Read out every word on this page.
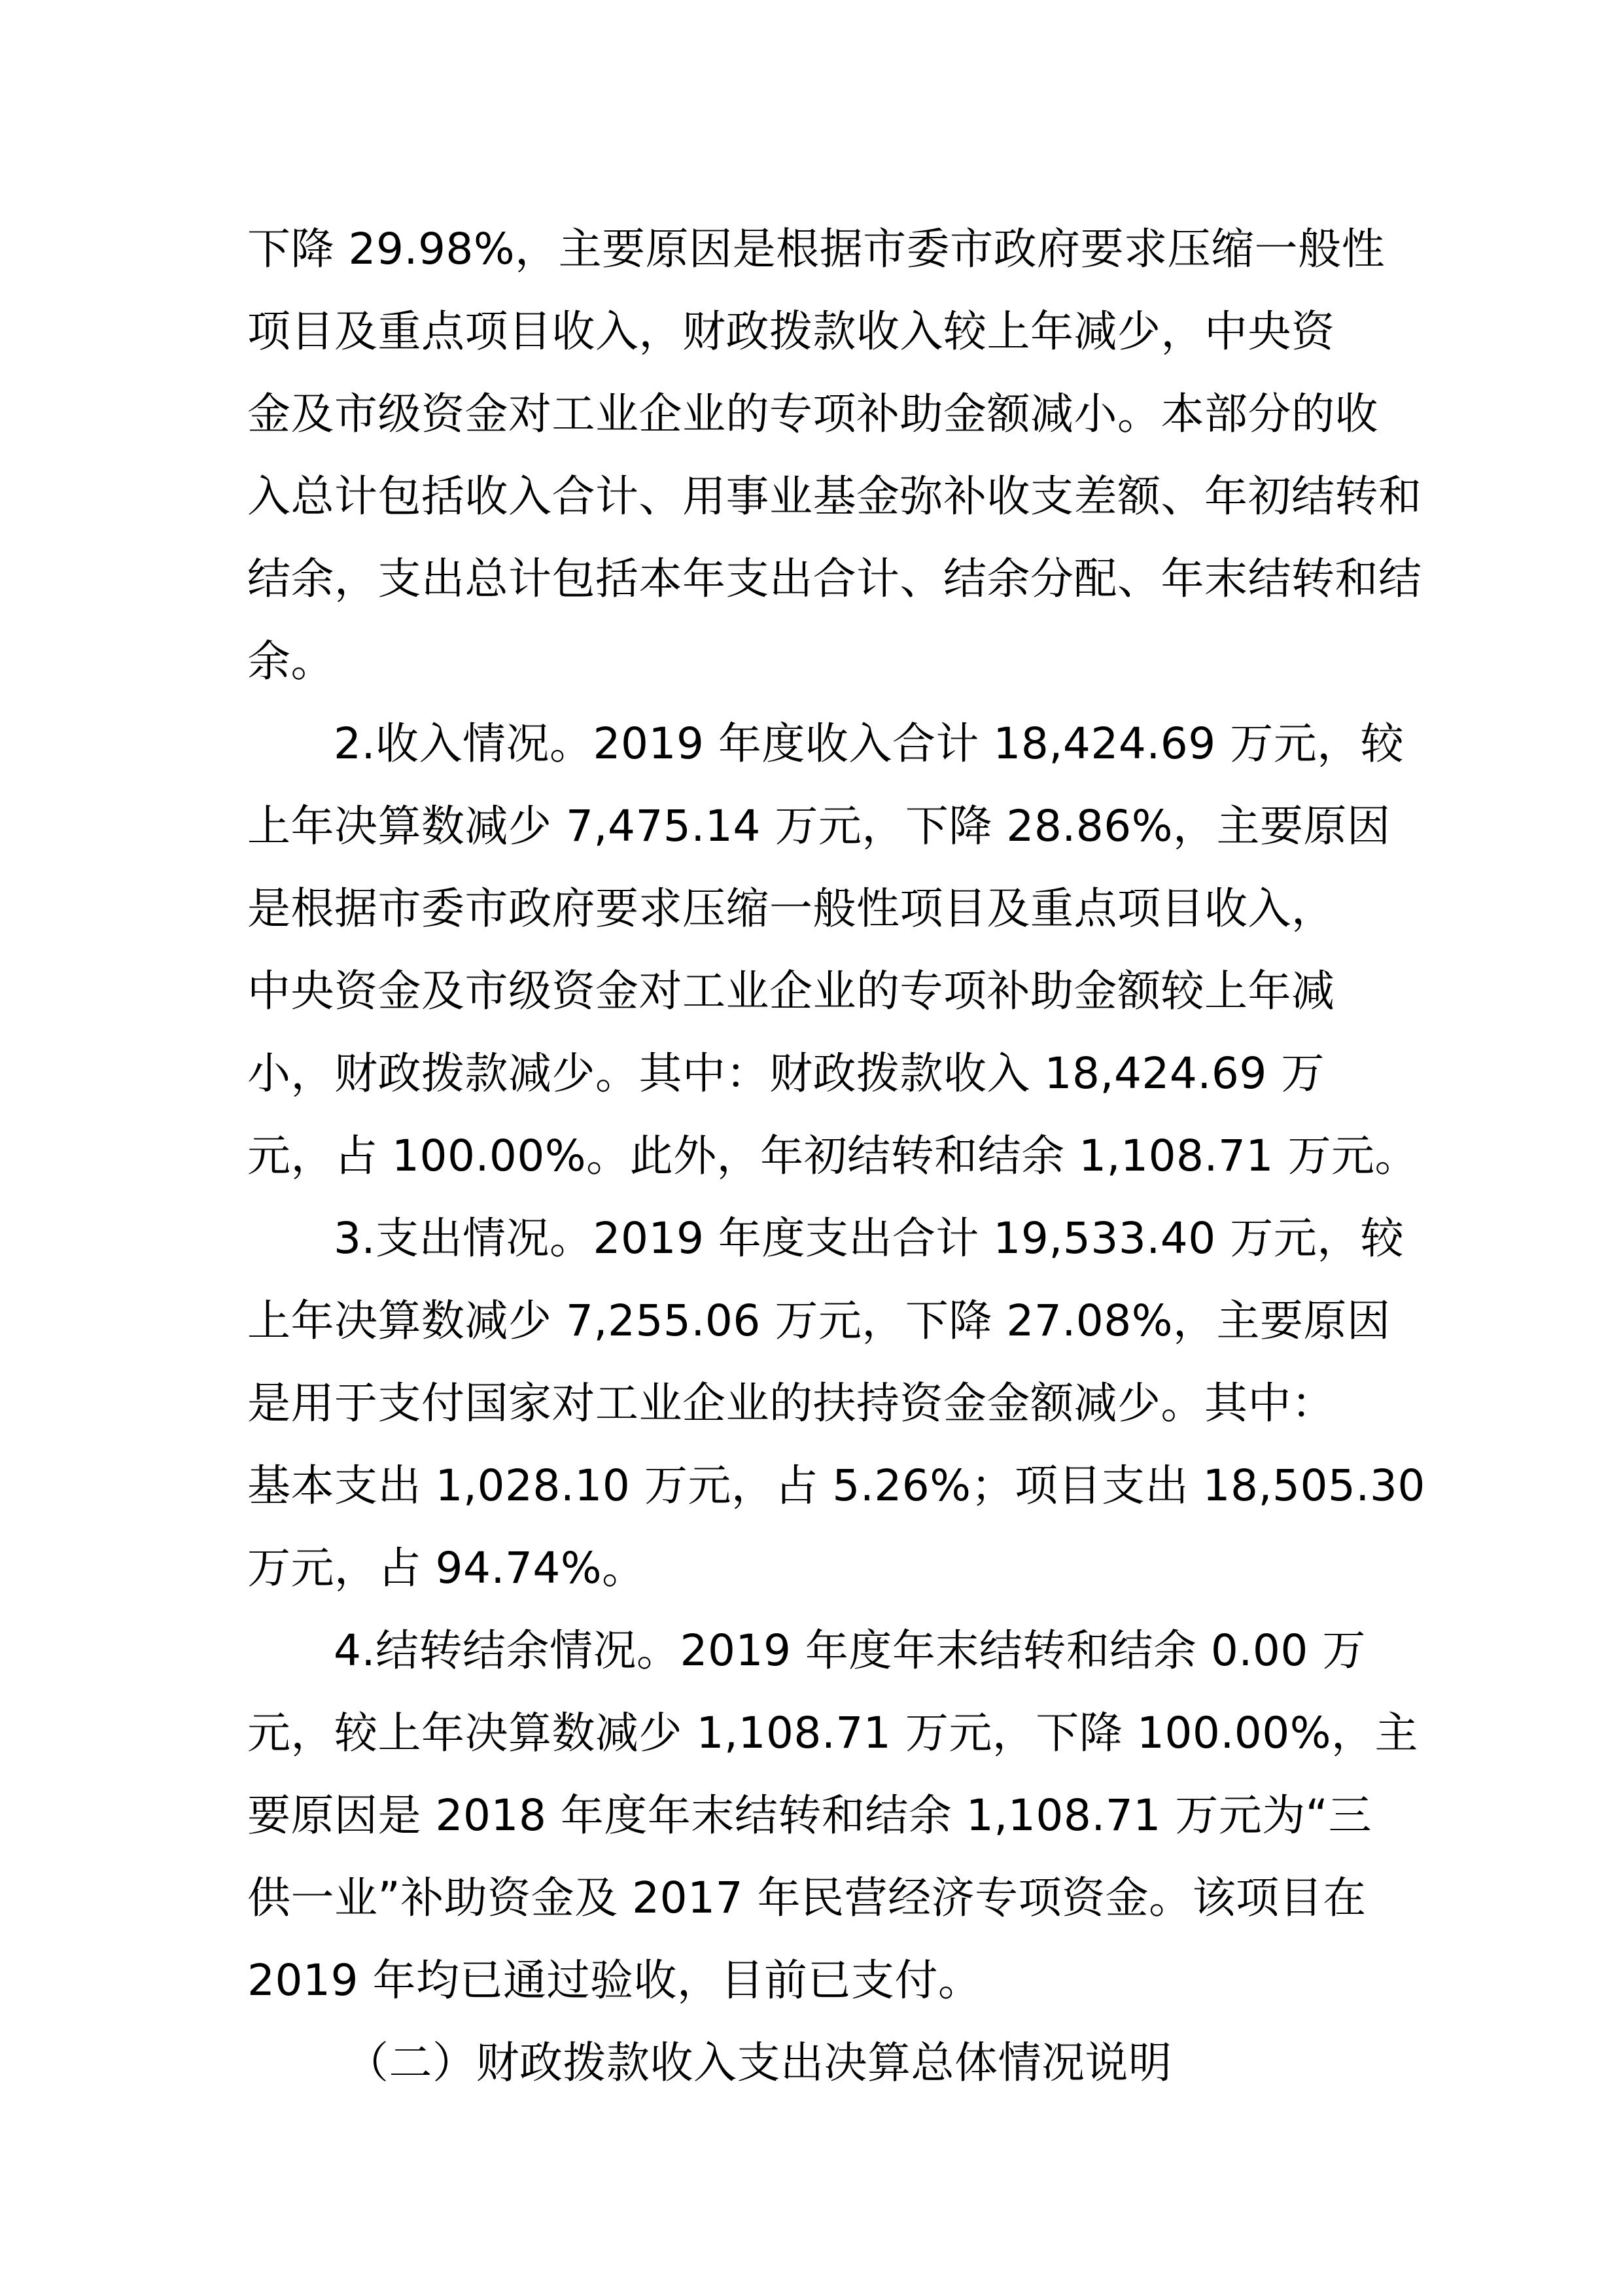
下降 29.98%，主要原因是根据市委市政府要求压缩一般性
项目及重点项目收入，财政拨款收入较上年减少，中央资
金及市级资金对工业企业的专项补助金额减小。本部分的收
入总计包括收入合计、用事业基金弥补收支差额、年初结转和
结余，支出总计包括本年支出合计、结余分配、年末结转和结
余。
2.收入情况。2019 年度收入合计 18,424.69 万元，较
上年决算数减少 7,475.14 万元，下降 28.86%，主要原因
是根据市委市政府要求压缩一般性项目及重点项目收入，
中央资金及市级资金对工业企业的专项补助金额较上年减
小，财政拨款减少。其中：财政拨款收入 18,424.69 万
元，占 100.00%。此外，年初结转和结余 1,108.71 万元。
3.支出情况。2019 年度支出合计 19,533.40 万元，较
上年决算数减少 7,255.06 万元，下降 27.08%，主要原因
是用于支付国家对工业企业的扶持资金金额减少。其中：
基本支出 1,028.10 万元，占 5.26%；项目支出 18,505.30
万元，占 94.74%。
4.结转结余情况。2019 年度年末结转和结余 0.00 万
元，较上年决算数减少 1,108.71 万元，下降 100.00%，主
要原因是 2018 年度年末结转和结余 1,108.71 万元为“三
供一业”补助资金及 2017 年民营经济专项资金。该项目在
2019 年均已通过验收，目前已支付。
（二）财政拨款收入支出决算总体情况说明
